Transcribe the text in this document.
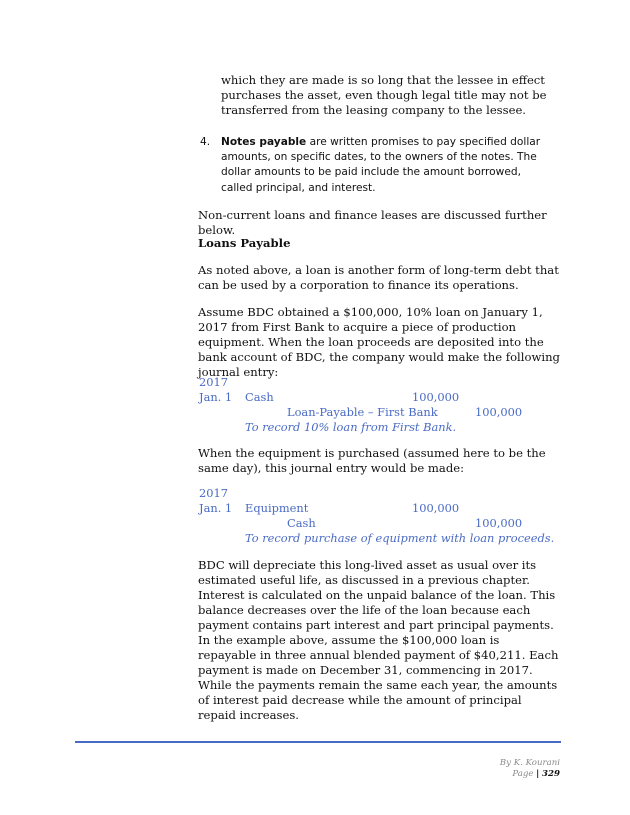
which they are made is so long that the lessee in effect purchases the asset, even though legal title may not be transferred from the leasing company to the lessee.

4. Notes payable are written promises to pay specified dollar amounts, on specific dates, to the owners of the notes. The dollar amounts to be paid include the amount borrowed, called principal, and interest.

Non-current loans and finance leases are discussed further below.

Loans Payable

As noted above, a loan is another form of long-term debt that can be used by a corporation to finance its operations.

Assume BDC obtained a $100,000, 10% loan on January 1, 2017 from First Bank to acquire a piece of production equipment. When the loan proceeds are deposited into the bank account of BDC, the company would make the following journal entry:

2017
Jan. 1 Cash	100,000
Loan-Payable – First Bank	100,000
To record 10% loan from First Bank.

When the equipment is purchased (assumed here to be the same day), this journal entry would be made:

2017
Jan. 1 Equipment	100,000
Cash	100,000
To record purchase of equipment with loan proceeds.

BDC will depreciate this long-lived asset as usual over its estimated useful life, as discussed in a previous chapter. Interest is calculated on the unpaid balance of the loan. This balance decreases over the life of the loan because each payment contains part interest and part principal payments. In the example above, assume the $100,000 loan is repayable in three annual blended payment of $40,211. Each payment is made on December 31, commencing in 2017. While the payments remain the same each year, the amounts of interest paid decrease while the amount of principal repaid increases.

By K. Kourani
Page | 329
